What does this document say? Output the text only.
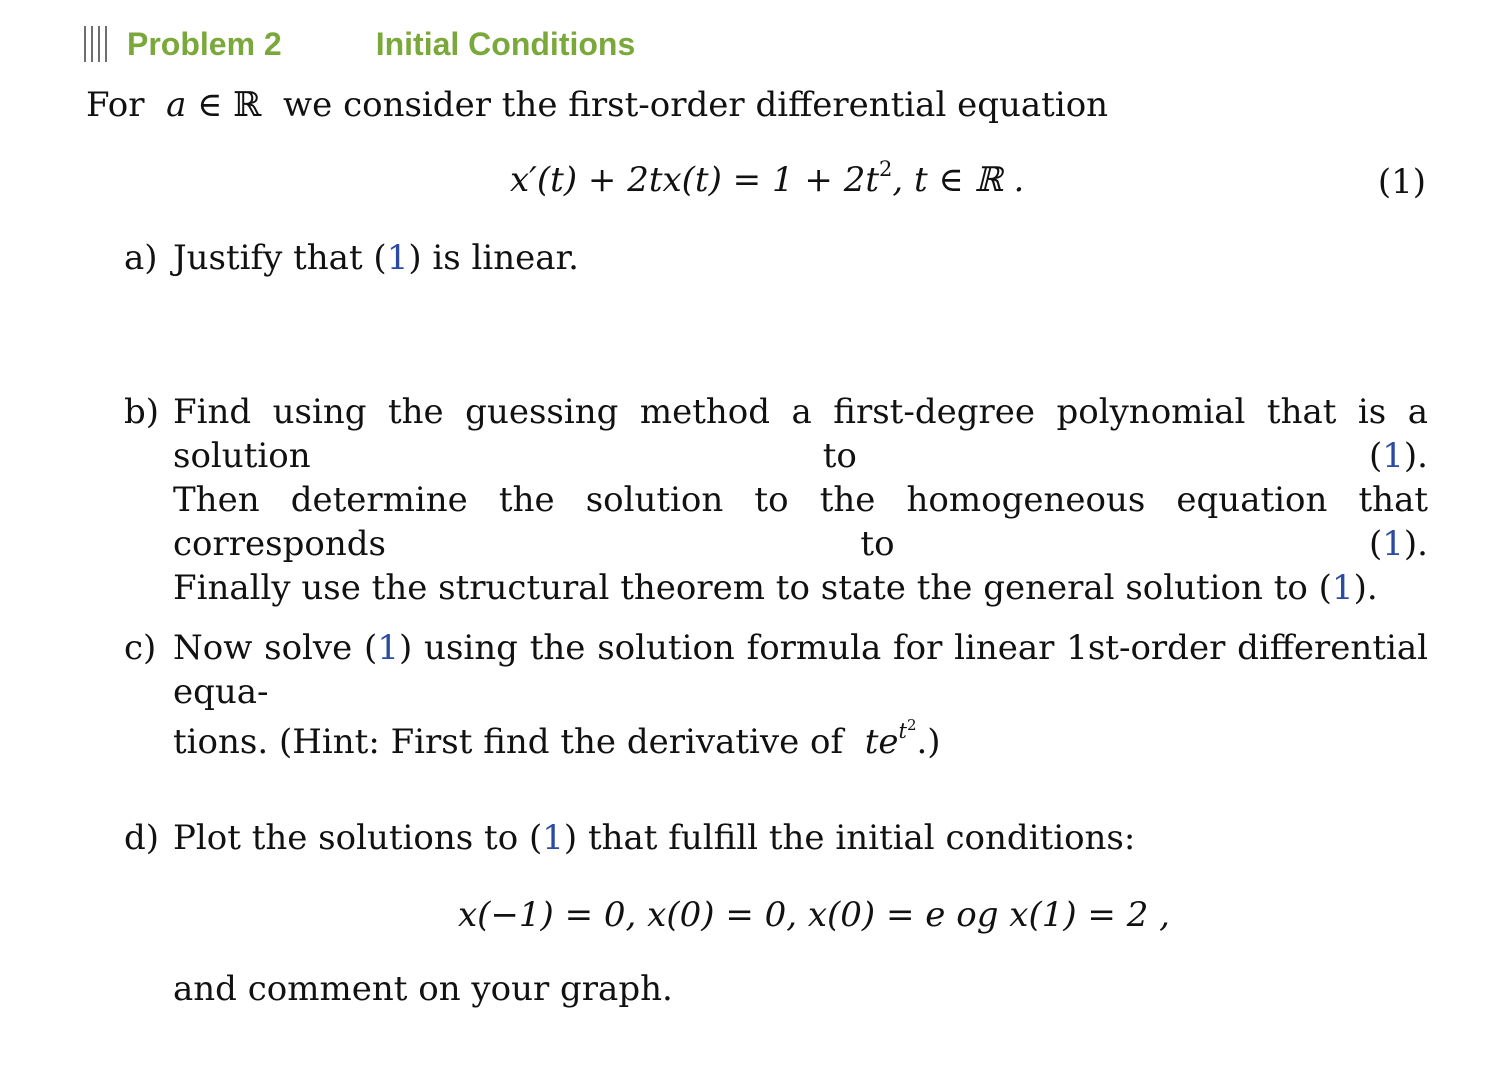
Problem 2	Initial Conditions
For a ∈ ℝ we consider the first-order differential equation
$x'(t) + 2tx(t) = 1 + 2t^2$, t ∈ ℝ .	(1)
a) Justify that (1) is linear.
b) Find using the guessing method a first-degree polynomial that is a solution to (1).
Then determine the solution to the homogeneous equation that corresponds to (1).
Finally use the structural theorem to state the general solution to (1).
c) Now solve (1) using the solution formula for linear 1st-order differential equa-
tions. (Hint: First find the derivative of $te^{t^2}$.)
d) Plot the solutions to (1) that fulfill the initial conditions:
x(−1) = 0, x(0) = 0, x(0) = e og x(1) = 2 ,
and comment on your graph.
